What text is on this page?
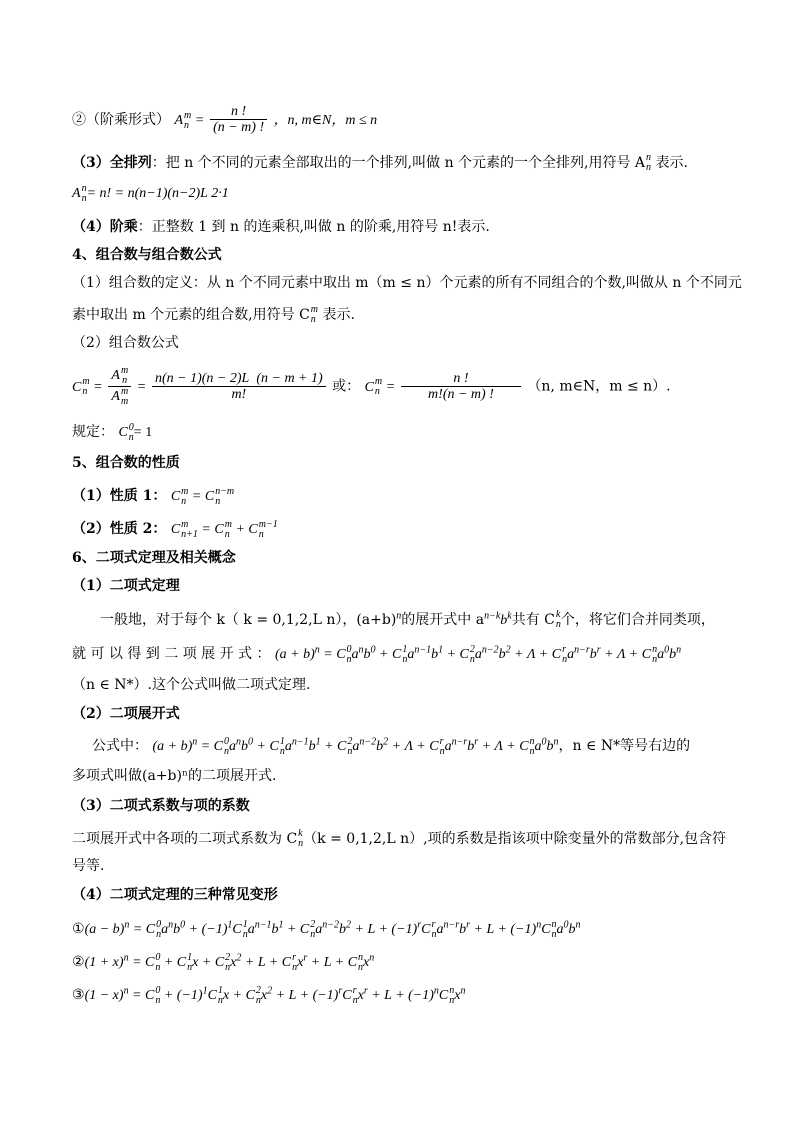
②（阶乘形式） A m
$n = \frac{n !}{(n - m) !}$ ，n, m∈N，m ≤ n
（3）全排列：把 n 个不同的元素全部取出的一个排列,叫做 n 个元素的一个全排列,用符号 A n
n 表示.
A n
n = n! = n(n−1)(n−2)L 2·1
（4）阶乘：正整数 1 到 n 的连乘积,叫做 n 的阶乘,用符号 n!表示.
4、组合数与组合数公式
（1）组合数的定义：从 n 个不同元素中取出 m（m ≤ n）个元素的所有不同组合的个数,叫做从 n 个不同元
素中取出 m 个元素的组合数,用符号 C m
n 表示.
（2）组合数公式
C m
n = A m
n
A m
$m = \frac{n(n - 1)(n - 2)L (n - m + 1)}{m!}$ 或： C m
$n = \frac{n !}{m!(n - m) !} (n$, m∈N，m ≤ n）.
规定： C 0
n = 1
5、组合数的性质
（1）性质 1： C m
n = C n−m
n
（2）性质 2： C m
n+1 = C m
n + C m−1
n
6、二项式定理及相关概念
（1）二项式定理
一般地，对于每个 k（ k = 0,1,2,L n），$(a+b)^n$的展开式中 $a^{n-k}b^k$共有 C k
n 个，将它们合并同类项，
就 可 以 得 到 二 项 展 开 式 ： $(a + b)^n = C$ 0
n $a^nb^0 + C$ 1
n $a^{n-1}b^1 + C$ 2
n $a^{n-2}b^2 + \Lambda + C$ r
n $a^{n-r}b^r + \Lambda + C$ n
n $a^0b^n$
（n ∈ N*）.这个公式叫做二项式定理.
（2）二项展开式
公式中： $(a + b)^n = C$ 0
n $a^nb^0 + C$ 1
n $a^{n-1}b^1 + C$ 2
n $a^{n-2}b^2 + \Lambda + C$ r
n $a^{n-r}b^r + \Lambda + C$ n
n $a^0b^n$，n ∈ N*等号右边的
多项式叫做(a+b)ⁿ的二项展开式.
（3）二项式系数与项的系数
二项展开式中各项的二项式系数为 C k
n （k = 0,1,2,L n）,项的系数是指该项中除变量外的常数部分,包含符
号等.
（4）二项式定理的三种常见变形
①(a − b)$^n$ = C 0
n $a^nb^0 + (-1)^1C$ 1
n $a^{n-1}b^1 + C$ 2
n $a^{n-2}b^2 + L + (-1)^rC$ r
n $a^{n-r}b^r + L + (-1)^nC$ n
n $a^0b^n$
②(1 + x)$^n$ = C 0
n + C 1
n x + C 2
n $x^2 + L + C$ r
n $x^r + L + C$ n
n $x^n$
③(1 − x)$^n$ = C 0
$n + (-1)^1C$ 1
n x + C 2
n $x^2 + L + (-1)^rC$ r
n $x^r + L + (-1)^nC$ n
n $x^n$
